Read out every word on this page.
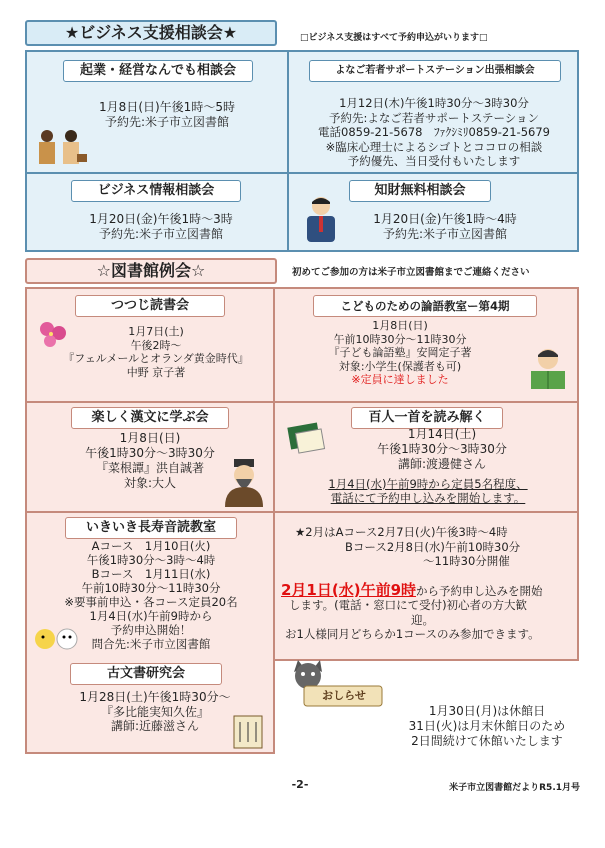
★ビジネス支援相談会★	□ビジネス支援はすべて予約申込がいります□
起業・経営なんでも相談会
1月8日(日)午後1時～5時
予約先:米子市立図書館
よなご若者サポートステーション出張相談会
1月12日(木)午後1時30分～3時30分
予約先:よなご若者サポートステーション
電話0859-21-5678　ﾌｧｸｼﾐﾘ0859-21-5679
※臨床心理士によるシゴトとココロの相談
予約優先、当日受付もいたします
ビジネス情報相談会
1月20日(金)午後1時～3時
予約先:米子市立図書館
知財無料相談会
1月20日(金)午後1時～4時
予約先:米子市立図書館
☆図書館例会☆	初めてご参加の方は米子市立図書館までご連絡ください
つつじ読書会
1月7日(土)
午後2時～
『フェルメールとオランダ黄金時代』
中野 京子著
こどものための論語教室ー第4期
1月8日(日)
午前10時30分～11時30分
『子ども論語塾』安岡定子著
対象:小学生(保護者も可)
※定員に達しました
楽しく漢文に学ぶ会
1月8日(日)
午後1時30分～3時30分
『菜根譚』洪自誠著
対象:大人
百人一首を読み解く
1月14日(土)
午後1時30分～3時30分
講師:渡邊健さん
1月4日(水)午前9時から定員5名程度、
電話にて予約申し込みを開始します。
いきいき長寿音読教室
Aコース　1月10日(火)
午後1時30分～3時～4時
Bコース　1月11日(水)
午前10時30分～11時30分
※要事前申込・各コース定員20名
1月4日(水)午前9時から
予約申込開始！
問合先:米子市立図書館
★2月はAコース2月7日(火)午後3時～4時
Bコース2月8日(水)午前10時30分
～11時30分開催
2月1日(水)午前9時から予約申し込みを開始
します。(電話・窓口にて受付)初心者の方大歓
迎。
お1人様同月どちらか1コースのみ参加できます。
古文書研究会
1月28日(土)午後1時30分～
『多比能実知久佐』
講師:近藤滋さん
おしらせ
1月30日(月)は休館日
31日(火)は月末休館日のため
2日間続けて休館いたします
-2-	米子市立図書館だよりR5.1月号
